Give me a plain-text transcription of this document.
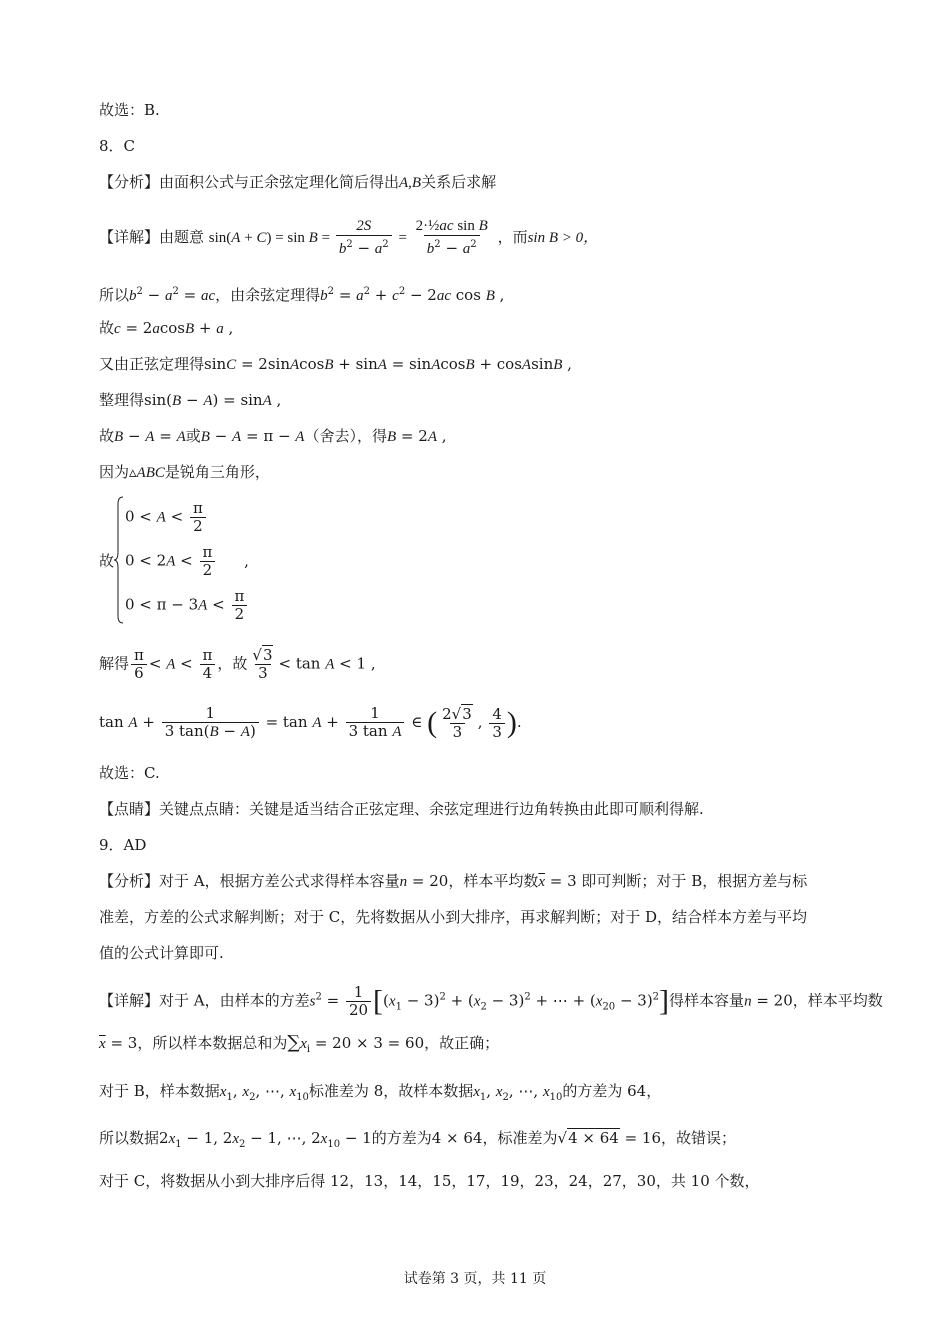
故选：B.
8．C
【分析】由面积公式与正余弦定理化简后得出A,B关系后求解
【详解】由题意 $\sin(A + C) = \sin B = \frac{2S}{b^2 - a^2} = \frac{\text{2·½ac sin B}}{b^2 - a^2}$ ，而sin B > 0，
所以$b^2 - a^2$ = ac，由余弦定理得$b^2 = a^2 + c^2 - 2ac$ cos B ,
故c = 2acosB + a ,
又由正弦定理得sinC = 2sinAcosB + sinA = sinAcosB + cosAsinB ,
整理得sin(B − A) = sinA ,
故B − A = A或B − A = π − A（舍去），得B = 2A ,
因为▵ABC是锐角三角形，
故
$0 < A < \frac{\pi}{2}$
$0 < 2A < \frac{\pi}{2}$ ,
$0 < \pi - 3A < \frac{\pi}{2}$
解得 $\frac{\pi}{6} < A < \frac{\pi}{4}$ ，故 $\frac{√3}{3} < \tan A < 1$ ,
$\tan A + \frac{1}{3 \tan(B - A)} = \tan A + \frac{1}{\text{3 tan A}}$ ∈ ( $\frac{2√3}{3}$ , $\frac{4}{3}$ ).
故选：C.
【点睛】关键点点睛：关键是适当结合正弦定理、余弦定理进行边角转换由此即可顺利得解.
9．AD
【分析】对于 A，根据方差公式求得样本容量n = 20，样本平均数$\overline{x} = 3$ 即可判断；对于 B，根据方差与标
准差，方差的公式求解判断；对于 C，先将数据从小到大排序，再求解判断；对于 D，结合样本方差与平均
值的公式计算即可.
【详解】对于 A，由样本的方差$s^2 = \frac{1}{20} [(x_1 - 3)^2 + (x_2 - 3)^2$ + ⋯ + $(x_{20} - 3)^2$]得样本容量n = 20，样本平均数
$\overline{x} = 3$，所以样本数据总和为$\sum x_i = 20 \times 3 = 60$，故正确；
对于 B，样本数据$x_1$, $x_2$, ⋯, $x_{10}$标准差为 8，故样本数据$x_1$, $x_2$, ⋯, $x_{10}$的方差为 64，
所以数据$2x_1 - 1$, $2x_2 - 1$, ⋯, $2x_{10} - 1$的方差为4 × 64，标准差为√4 × 64 = 16，故错误；
对于 C，将数据从小到大排序后得 12，13，14，15，17，19，23，24，27，30，共 10 个数，
试卷第 3 页，共 11 页
